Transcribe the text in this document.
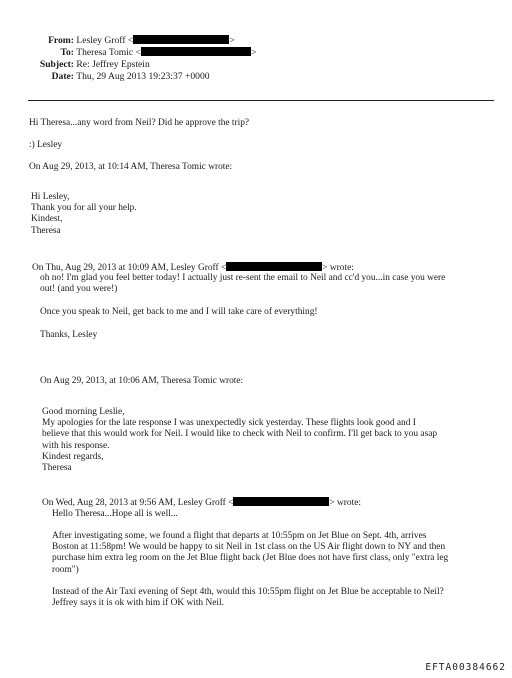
From: Lesley Groff <	>
To: Theresa Tomic <	>
Subject: Re: Jeffrey Epstein
Date: Thu, 29 Aug 2013 19:23:37 +0000
Hi Theresa...any word from Neil? Did he approve the trip?
:) Lesley
On Aug 29, 2013, at 10:14 AM, Theresa Tomic wrote:
Hi Lesley,
Thank you for all your help.
Kindest,
Theresa
On Thu, Aug 29, 2013 at 10:09 AM, Lesley Groff <	> wrote:
oh no! I'm glad you feel better today! I actually just re-sent the email to Neil and cc'd you...in case you were
out! (and you were!)
Once you speak to Neil, get back to me and I will take care of everything!
Thanks, Lesley
On Aug 29, 2013, at 10:06 AM, Theresa Tomic wrote:
Good morning Leslie,
My apologies for the late response I was unexpectedly sick yesterday. These flights look good and I
believe that this would work for Neil. I would like to check with Neil to confirm. I'll get back to you asap
with his response.
Kindest regards,
Theresa
On Wed, Aug 28, 2013 at 9:56 AM, Lesley Groff <	> wrote:
Hello Theresa...Hope all is well...
After investigating some, we found a flight that departs at 10:55pm on Jet Blue on Sept. 4th, arrives
Boston at 11:58pm! We would be happy to sit Neil in 1st class on the US Air flight down to NY and then
purchase him extra leg room on the Jet Blue flight back (Jet Blue does not have first class, only "extra leg
room")
Instead of the Air Taxi evening of Sept 4th, would this 10:55pm flight on Jet Blue be acceptable to Neil?
Jeffrey says it is ok with him if OK with Neil.
EFTA00384662
